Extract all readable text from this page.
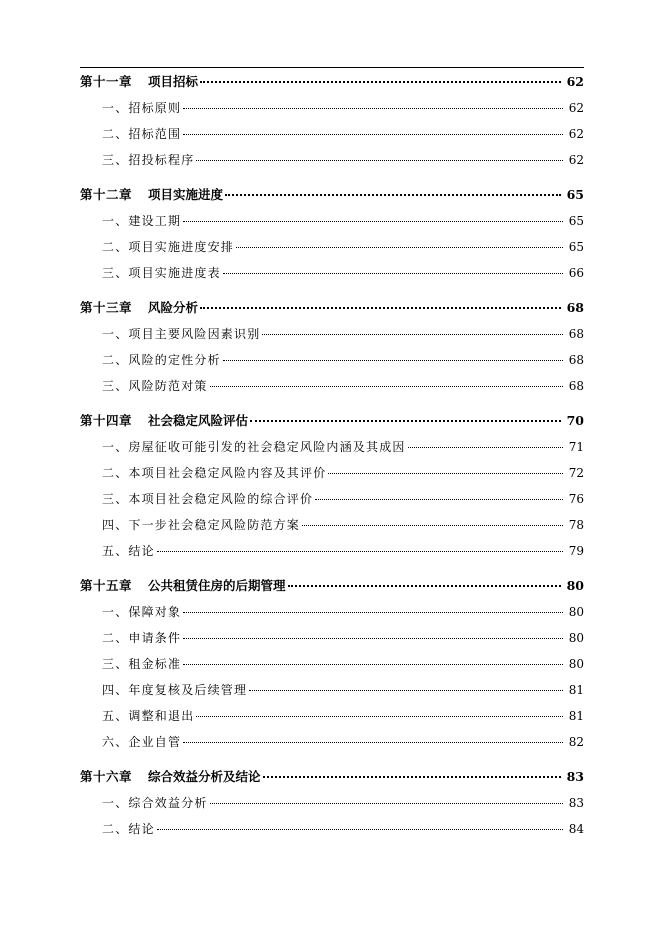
第十一章 项目招标	62
一、招标原则	62
二、招标范围	62
三、招投标程序	62
第十二章 项目实施进度	65
一、建设工期	65
二、项目实施进度安排	65
三、项目实施进度表	66
第十三章 风险分析	68
一、项目主要风险因素识别	68
二、风险的定性分析	68
三、风险防范对策	68
第十四章 社会稳定风险评估	70
一、房屋征收可能引发的社会稳定风险内涵及其成因	71
二、本项目社会稳定风险内容及其评价	72
三、本项目社会稳定风险的综合评价	76
四、下一步社会稳定风险防范方案	78
五、结论	79
第十五章 公共租赁住房的后期管理	80
一、保障对象	80
二、申请条件	80
三、租金标准	80
四、年度复核及后续管理	81
五、调整和退出	81
六、企业自管	82
第十六章 综合效益分析及结论	83
一、综合效益分析	83
二、结论	84
